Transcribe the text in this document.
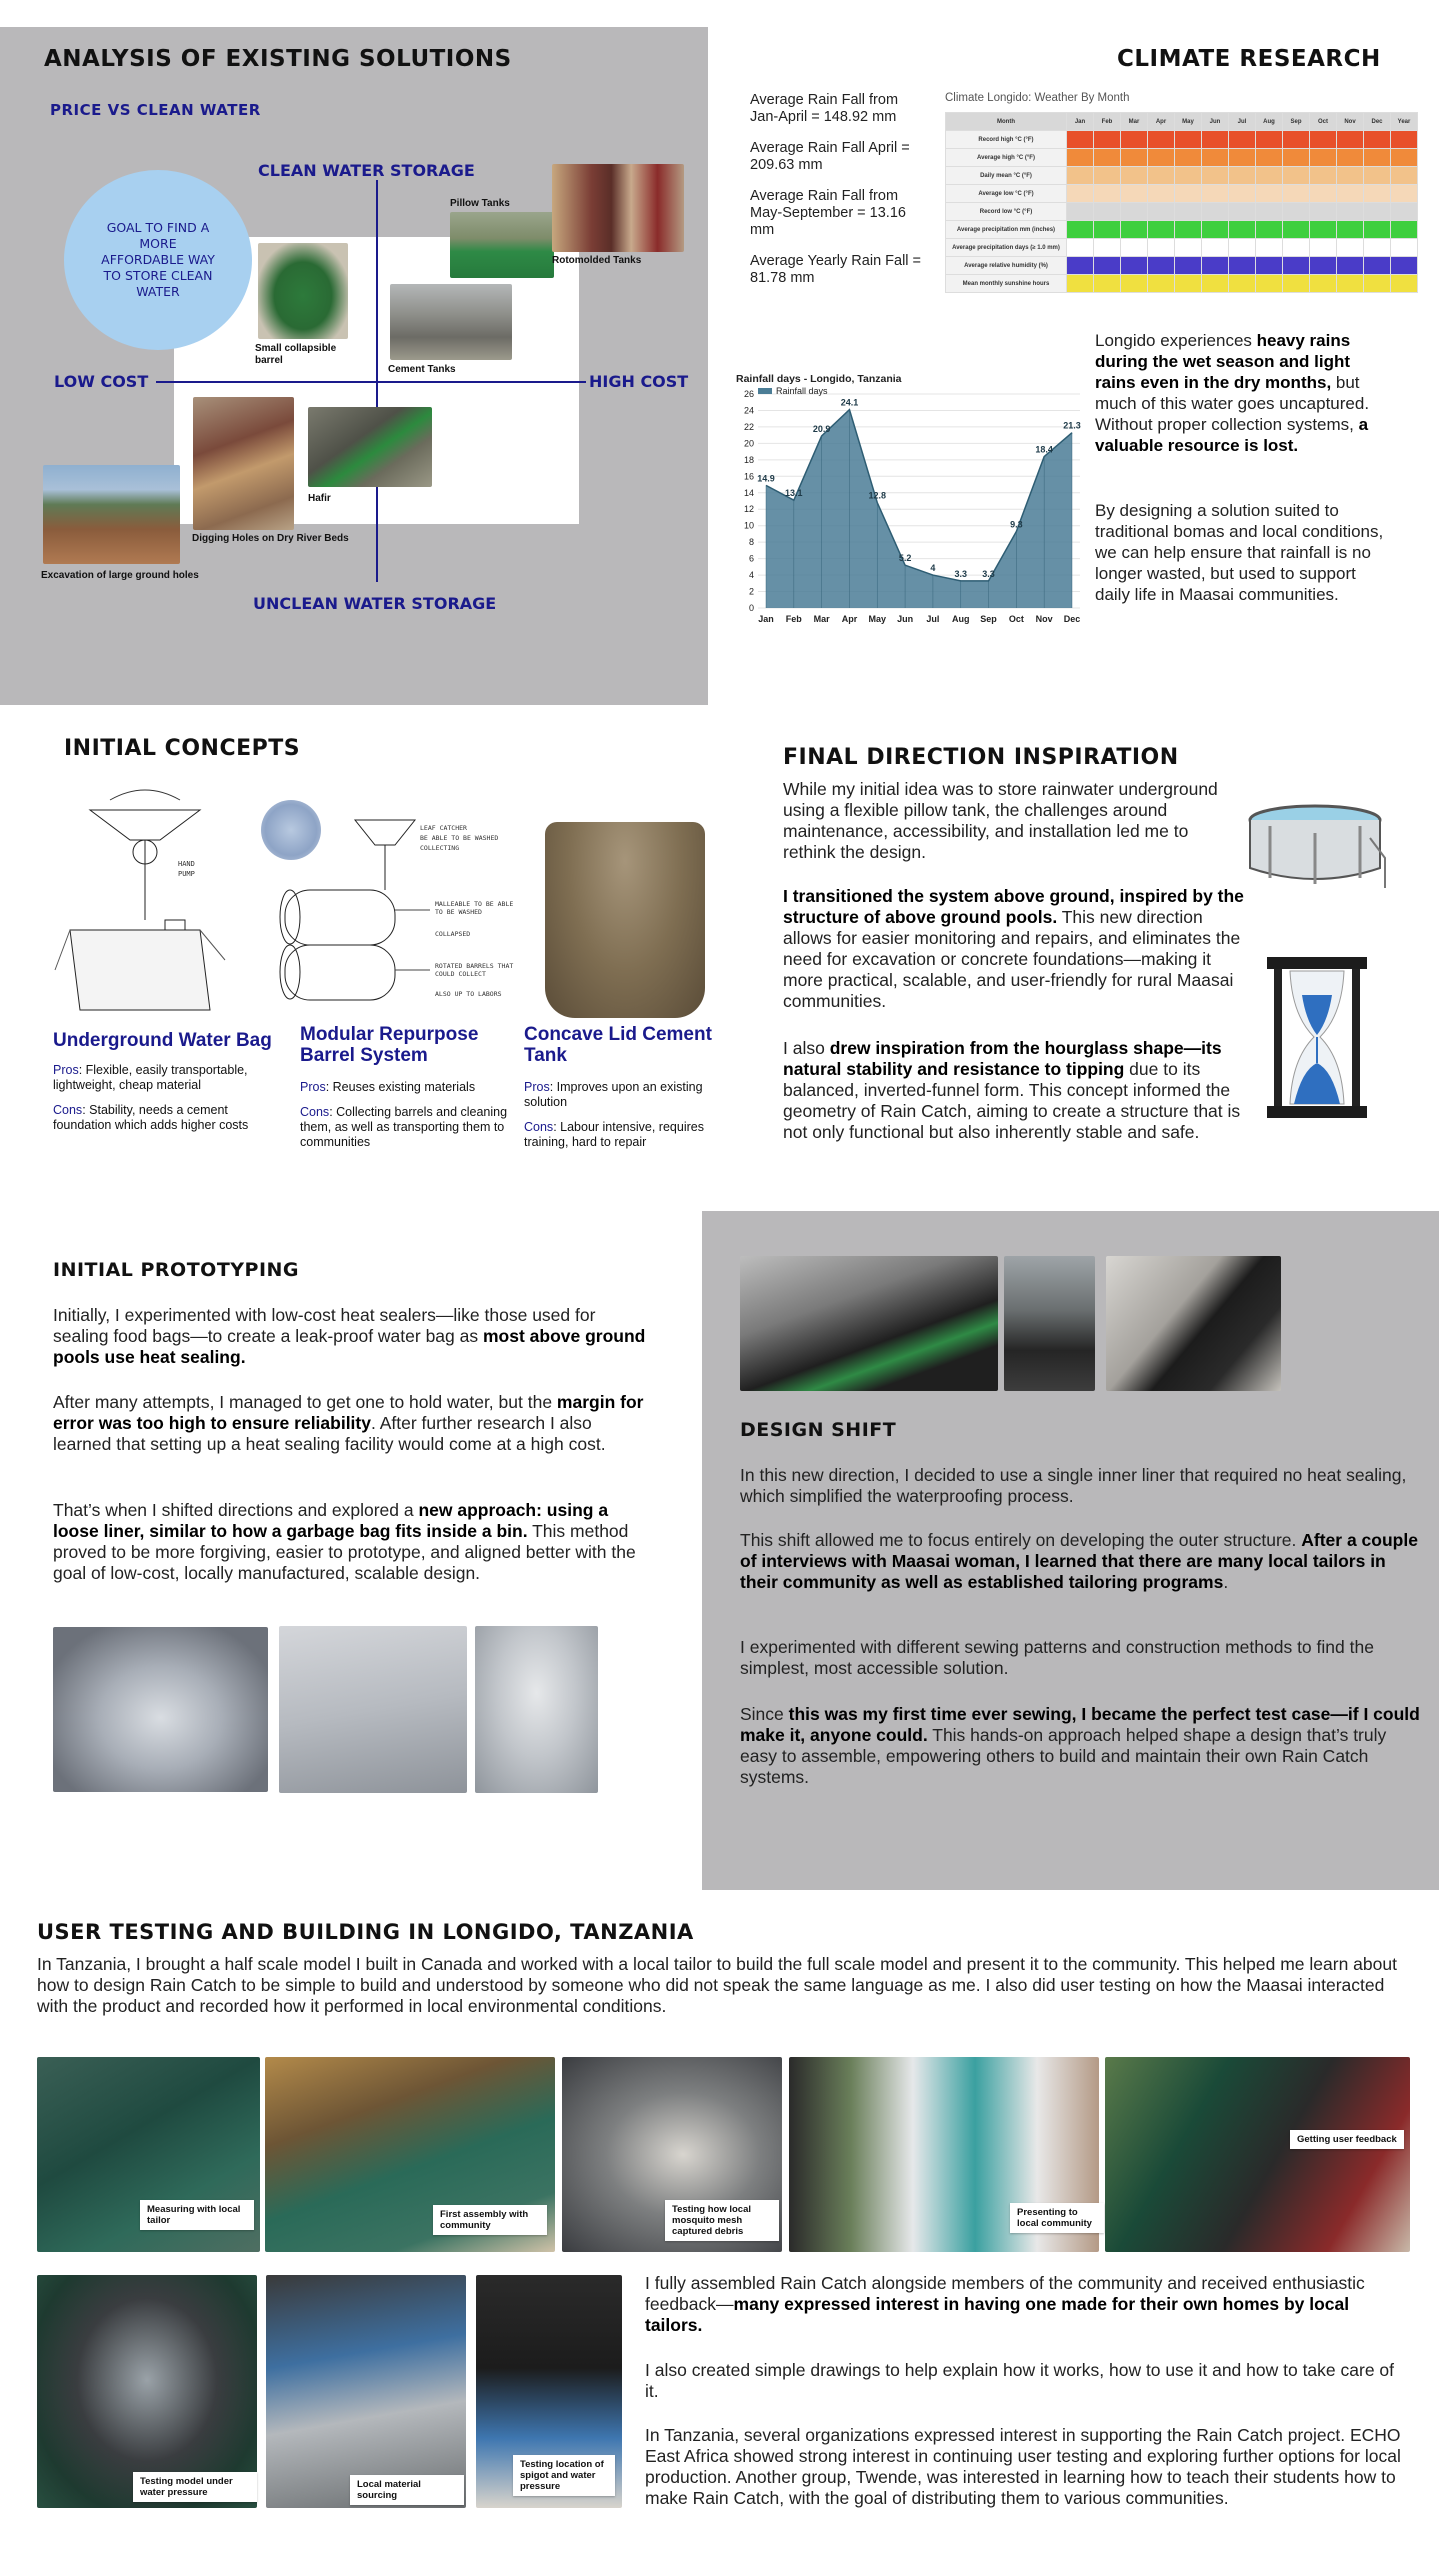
ANALYSIS OF EXISTING SOLUTIONS
PRICE VS CLEAN WATER
GOAL TO FIND A MORE AFFORDABLE WAY TO STORE CLEAN WATER
CLEAN WATER STORAGE
UNCLEAN WATER STORAGE
LOW COST	HIGH COST
Pillow Tanks
Rotomolded Tanks
Small collapsible barrel
Cement Tanks
Digging Holes on Dry River Beds
Hafir
Excavation of large ground holes
CLIMATE RESEARCH
Average Rain Fall from Jan-April = 148.92 mm
Average Rain Fall April = 209.63 mm
Average Rain Fall from May-September = 13.16 mm
Average Yearly Rain Fall = 81.78 mm
Climate Longido: Weather By Month
Month	Jan	Feb	Mar	Apr	May	Jun	Jul	Aug	Sep	Oct	Nov	Dec	Year
Record high °C (°F)													
Average high °C (°F)													
Daily mean °C (°F)													
Average low °C (°F)													
Record low °C (°F)													
Average precipitation mm (inches)													
Average precipitation days (≥ 1.0 mm)													
Average relative humidity (%)													
Mean monthly sunshine hours													
0
2
4
6
8
10
12
14
16
18
20
22
24
26
14.9
13.1
20.9
24.1
12.8
5.2
4
3.3 3.3
9.3
18.4
21.3
Jan Feb Mar Apr May Jun Jul Aug Sep Oct Nov Dec
Rainfall days - Longido, Tanzania
Rainfall days
Longido experiences heavy rains during the wet season and light rains even in the dry months, but much of this water goes uncaptured. Without proper collection systems, a valuable resource is lost.
By designing a solution suited to traditional bomas and local conditions, we can help ensure that rainfall is no longer wasted, but used to support daily life in Maasai communities.
INITIAL CONCEPTS
HAND
PUMP
LEAF CATCHER
BE ABLE TO BE WASHED
COLLECTING
MALLEABLE TO BE ABLE TO BE WASHED
COLLAPSED
ROTATED BARRELS THAT COULD COLLECT
ALSO UP TO LABORS
Underground Water Bag
Pros: Flexible, easily transportable, lightweight, cheap material
Cons: Stability, needs a cement foundation which adds higher costs
Modular Repurpose Barrel System
Pros: Reuses existing materials
Cons: Collecting barrels and cleaning them, as well as transporting them to communities
Concave Lid Cement Tank
Pros: Improves upon an existing solution
Cons: Labour intensive, requires training, hard to repair
FINAL DIRECTION INSPIRATION
While my initial idea was to store rainwater underground using a flexible pillow tank, the challenges around maintenance, accessibility, and installation led me to rethink the design.
I transitioned the system above ground, inspired by the structure of above ground pools. This new direction allows for easier monitoring and repairs, and eliminates the need for excavation or concrete foundations—making it more practical, scalable, and user-friendly for rural Maasai communities.
I also drew inspiration from the hourglass shape—its natural stability and resistance to tipping due to its balanced, inverted-funnel form. This concept informed the geometry of Rain Catch, aiming to create a structure that is not only functional but also inherently stable and safe.
INITIAL PROTOTYPING
Initially, I experimented with low-cost heat sealers—like those used for sealing food bags—to create a leak-proof water bag as most above ground pools use heat sealing.
After many attempts, I managed to get one to hold water, but the margin for error was too high to ensure reliability. After further research I also learned that setting up a heat sealing facility would come at a high cost.
That’s when I shifted directions and explored a new approach: using a loose liner, similar to how a garbage bag fits inside a bin. This method proved to be more forgiving, easier to prototype, and aligned better with the goal of low-cost, locally manufactured, scalable design.
DESIGN SHIFT
In this new direction, I decided to use a single inner liner that required no heat sealing, which simplified the waterproofing process.
This shift allowed me to focus entirely on developing the outer structure. After a couple of interviews with Maasai woman, I learned that there are many local tailors in their community as well as established tailoring programs.
I experimented with different sewing patterns and construction methods to find the simplest, most accessible solution.
Since this was my first time ever sewing, I became the perfect test case—if I could make it, anyone could. This hands-on approach helped shape a design that’s truly easy to assemble, empowering others to build and maintain their own Rain Catch systems.
USER TESTING AND BUILDING IN LONGIDO, TANZANIA
In Tanzania, I brought a half scale model I built in Canada and worked with a local tailor to build the full scale model and present it to the community. This helped me learn about how to design Rain Catch to be simple to build and understood by someone who did not speak the same language as me. I also did user testing on how the Maasai interacted with the product and recorded how it performed in local environmental conditions.
Measuring with local tailor
First assembly with community
Testing how local mosquito mesh captured debris
Presenting to local community
Getting user feedback
Testing model under water pressure
Local material sourcing
Testing location of spigot and water pressure
I fully assembled Rain Catch alongside members of the community and received enthusiastic feedback—many expressed interest in having one made for their own homes by local tailors.
I also created simple drawings to help explain how it works, how to use it and how to take care of it.
In Tanzania, several organizations expressed interest in supporting the Rain Catch project. ECHO East Africa showed strong interest in continuing user testing and exploring further options for local production. Another group, Twende, was interested in learning how to teach their students how to make Rain Catch, with the goal of distributing them to various communities.
